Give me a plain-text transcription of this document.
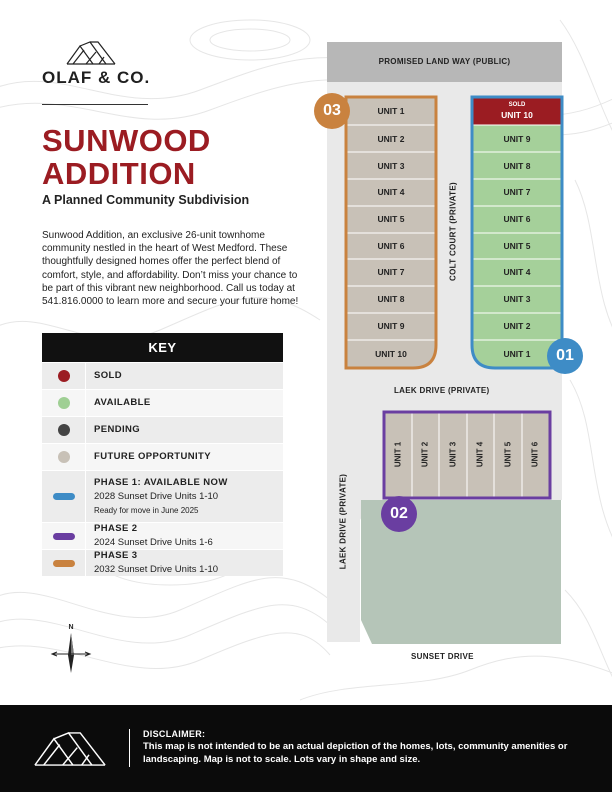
OLAF & CO.
SUNWOOD
ADDITION
A Planned Community Subdivision
Sunwood Addition, an exclusive 26-unit townhome community nestled in the heart of West Medford. These thoughtfully designed homes offer the perfect blend of comfort, style, and affordability. Don’t miss your chance to be part of this vibrant new neighborhood. Call us today at 541.816.0000 to learn more and secure your future home!
KEY
SOLD
AVAILABLE
PENDING
FUTURE OPPORTUNITY
PHASE 1: AVAILABLE NOW
2028 Sunset Drive Units 1-10
Ready for move in June 2025
PHASE 2
2024 Sunset Drive Units 1-6
PHASE 3
2032 Sunset Drive Units 1-10
N
PROMISED LAND WAY (PUBLIC)
COLT COURT (PRIVATE)
LAEK DRIVE (PRIVATE)
LAEK DRIVE (PRIVATE)
SUNSET DRIVE
UNIT 1
UNIT 2
UNIT 3
UNIT 4
UNIT 5
UNIT 6
UNIT 7
UNIT 8
UNIT 9
UNIT 10
SOLD
UNIT 10
UNIT 9
UNIT 8
UNIT 7
UNIT 6
UNIT 5
UNIT 4
UNIT 3
UNIT 2
UNIT 1
UNIT 1 UNIT 2 UNIT 3 UNIT 4 UNIT 5 UNIT 6
03
01
02
DISCLAIMER:
This map is not intended to be an actual depiction of the homes, lots, community amenities or landscaping. Map is not to scale. Lots vary in shape and size.
